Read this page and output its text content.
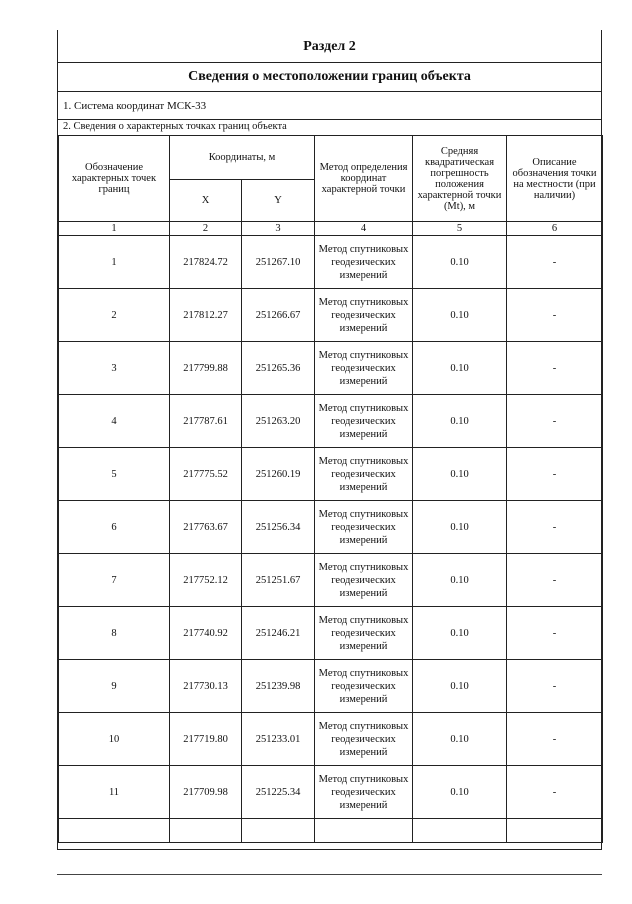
Раздел 2
Сведения о местоположении границ объекта
1. Система координат МСК-33
2. Сведения о характерных точках границ объекта
Обозначение характерных точек границ	Координаты, м		Метод определения координат характерной точки	Средняя квадратическая погрешность положения характерной точки (Mt), м	Описание обозначения точки на местности (при наличии)
	X	Y			
1	2	3	4	5	6
1	217824.72	251267.10	Метод спутниковых геодезических измерений	0.10	-
2	217812.27	251266.67	Метод спутниковых геодезических измерений	0.10	-
3	217799.88	251265.36	Метод спутниковых геодезических измерений	0.10	-
4	217787.61	251263.20	Метод спутниковых геодезических измерений	0.10	-
5	217775.52	251260.19	Метод спутниковых геодезических измерений	0.10	-
6	217763.67	251256.34	Метод спутниковых геодезических измерений	0.10	-
7	217752.12	251251.67	Метод спутниковых геодезических измерений	0.10	-
8	217740.92	251246.21	Метод спутниковых геодезических измерений	0.10	-
9	217730.13	251239.98	Метод спутниковых геодезических измерений	0.10	-
10	217719.80	251233.01	Метод спутниковых геодезических измерений	0.10	-
11	217709.98	251225.34	Метод спутниковых геодезических измерений	0.10	-
